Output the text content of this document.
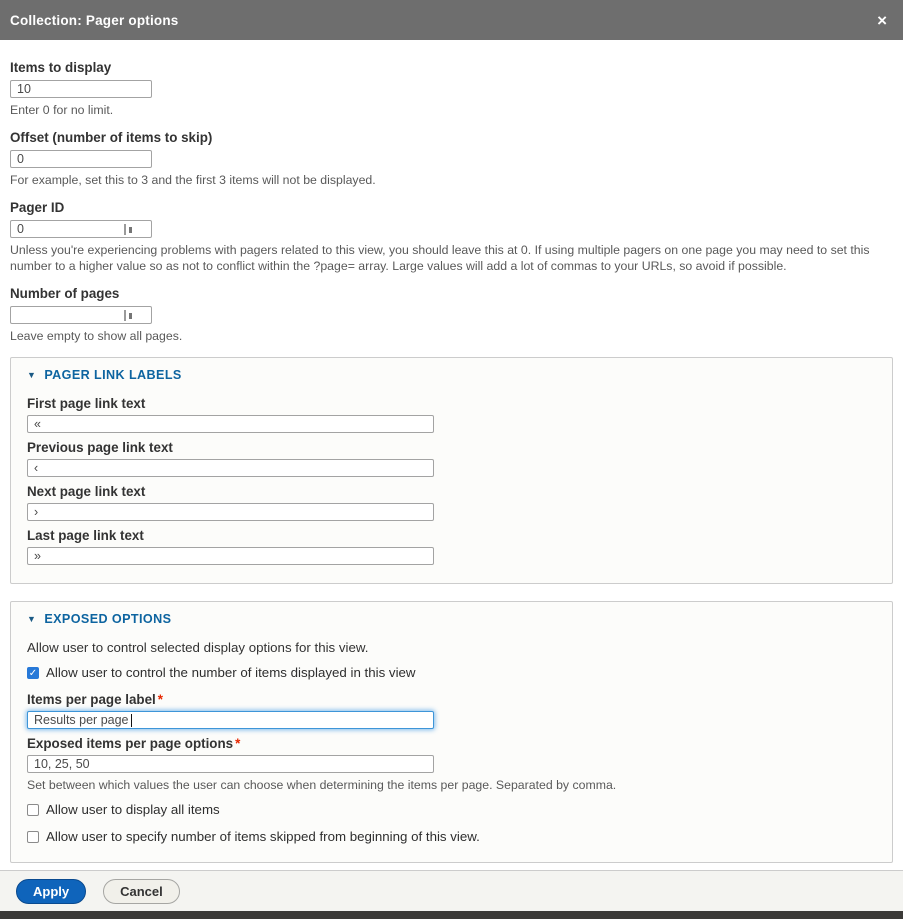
Collection: Pager options	×
Items to display
10
Enter 0 for no limit.
Offset (number of items to skip)
0
For example, set this to 3 and the first 3 items will not be displayed.
Pager ID
0
Unless you're experiencing problems with pagers related to this view, you should leave this at 0. If using multiple pagers on one page you may need to set this number to a higher value so as not to conflict within the ?page= array. Large values will add a lot of commas to your URLs, so avoid if possible.
Number of pages
Leave empty to show all pages.
▼ PAGER LINK LABELS
First page link text
«
Previous page link text
‹
Next page link text
›
Last page link text
»
▼ EXPOSED OPTIONS
Allow user to control selected display options for this view.
✓ Allow user to control the number of items displayed in this view
Items per page label *
Results per page
Exposed items per page options *
10, 25, 50
Set between which values the user can choose when determining the items per page. Separated by comma.
Allow user to display all items
Allow user to specify number of items skipped from beginning of this view.
Apply	Cancel
